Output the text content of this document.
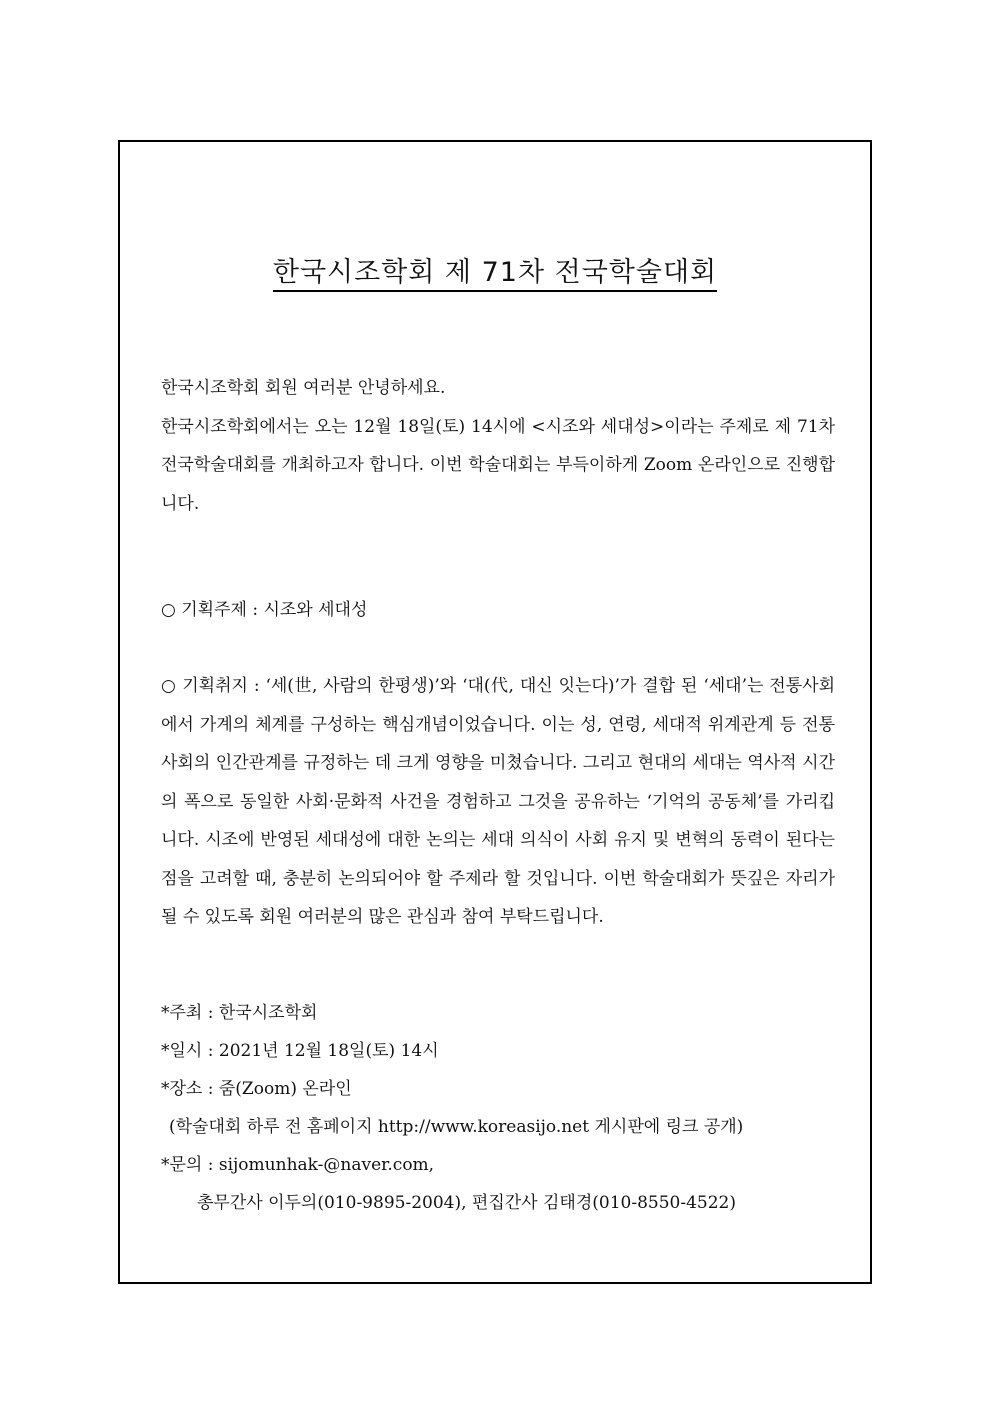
한국시조학회 제 71차 전국학술대회

한국시조학회 회원 여러분 안녕하세요.

한국시조학회에서는 오는 12월 18일(토) 14시에 <시조와 세대성>이라는 주제로 제 71차 전국학술대회를 개최하고자 합니다. 이번 학술대회는 부득이하게 Zoom 온라인으로 진행합니다.

○ 기획주제 : 시조와 세대성
○ 기획취지 : ‘세(世, 사람의 한평생)’와 ‘대(代, 대신 잇는다)’가 결합 된 ‘세대’는 전통사회에서 가계의 체계를 구성하는 핵심개념이었습니다. 이는 성, 연령, 세대적 위계관계 등 전통사회의 인간관계를 규정하는 데 크게 영향을 미쳤습니다. 그리고 현대의 세대는 역사적 시간의 폭으로 동일한 사회·문화적 사건을 경험하고 그것을 공유하는 ‘기억의 공동체’를 가리킵니다. 시조에 반영된 세대성에 대한 논의는 세대 의식이 사회 유지 및 변혁의 동력이 된다는 점을 고려할 때, 충분히 논의되어야 할 주제라 할 것입니다. 이번 학술대회가 뜻깊은 자리가 될 수 있도록 회원 여러분의 많은 관심과 참여 부탁드립니다.
*주최 : 한국시조학회
*일시 : 2021년 12월 18일(토) 14시
*장소 : 줌(Zoom) 온라인
(학술대회 하루 전 홈페이지 http://www.koreasijo.net 게시판에 링크 공개)
*문의 : sijomunhak-@naver.com,
총무간사 이두의(010-9895-2004), 편집간사 김태경(010-8550-4522)
